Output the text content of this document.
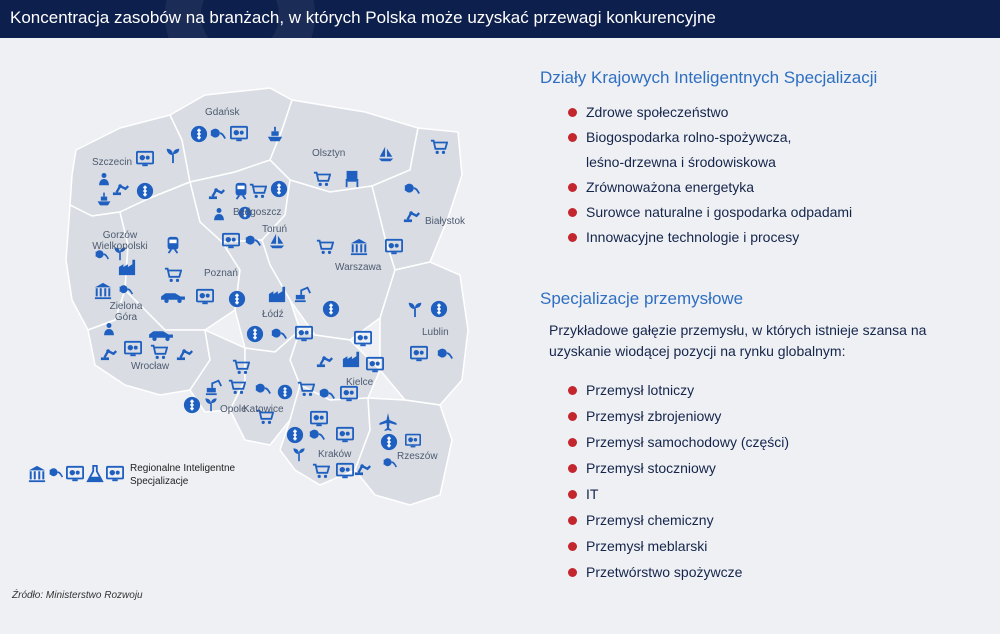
Koncentracja zasobów na branżach, w których Polska może uzyskać przewagi konkurencyjne
Gdańsk
Olsztyn
Szczecin
Bydgoszcz
Toruń
Białystok
Gorzów Wielkopolski
Warszawa
Poznań
Zielona Góra	Łódź
Lublin
Wrocław
Kielce
Opole
Katowice
Kraków	Rzeszów
Regionalne Inteligentne Specjalizacje
Źródło: Ministerstwo Rozwoju
Działy Krajowych Inteligentnych Specjalizacji
Zdrowe społeczeństwo
Biogospodarka rolno-spożywcza,
leśno-drzewna i środowiskowa
Zrównoważona energetyka
Surowce naturalne i gospodarka odpadami
Innowacyjne technologie i procesy
Specjalizacje przemysłowe
Przykładowe gałęzie przemysłu, w których istnieje szansa na uzyskanie wiodącej pozycji na rynku globalnym:
Przemysł lotniczy
Przemysł zbrojeniowy
Przemysł samochodowy (części)
Przemysł stoczniowy
IT
Przemysł chemiczny
Przemysł meblarski
Przetwórstwo spożywcze
